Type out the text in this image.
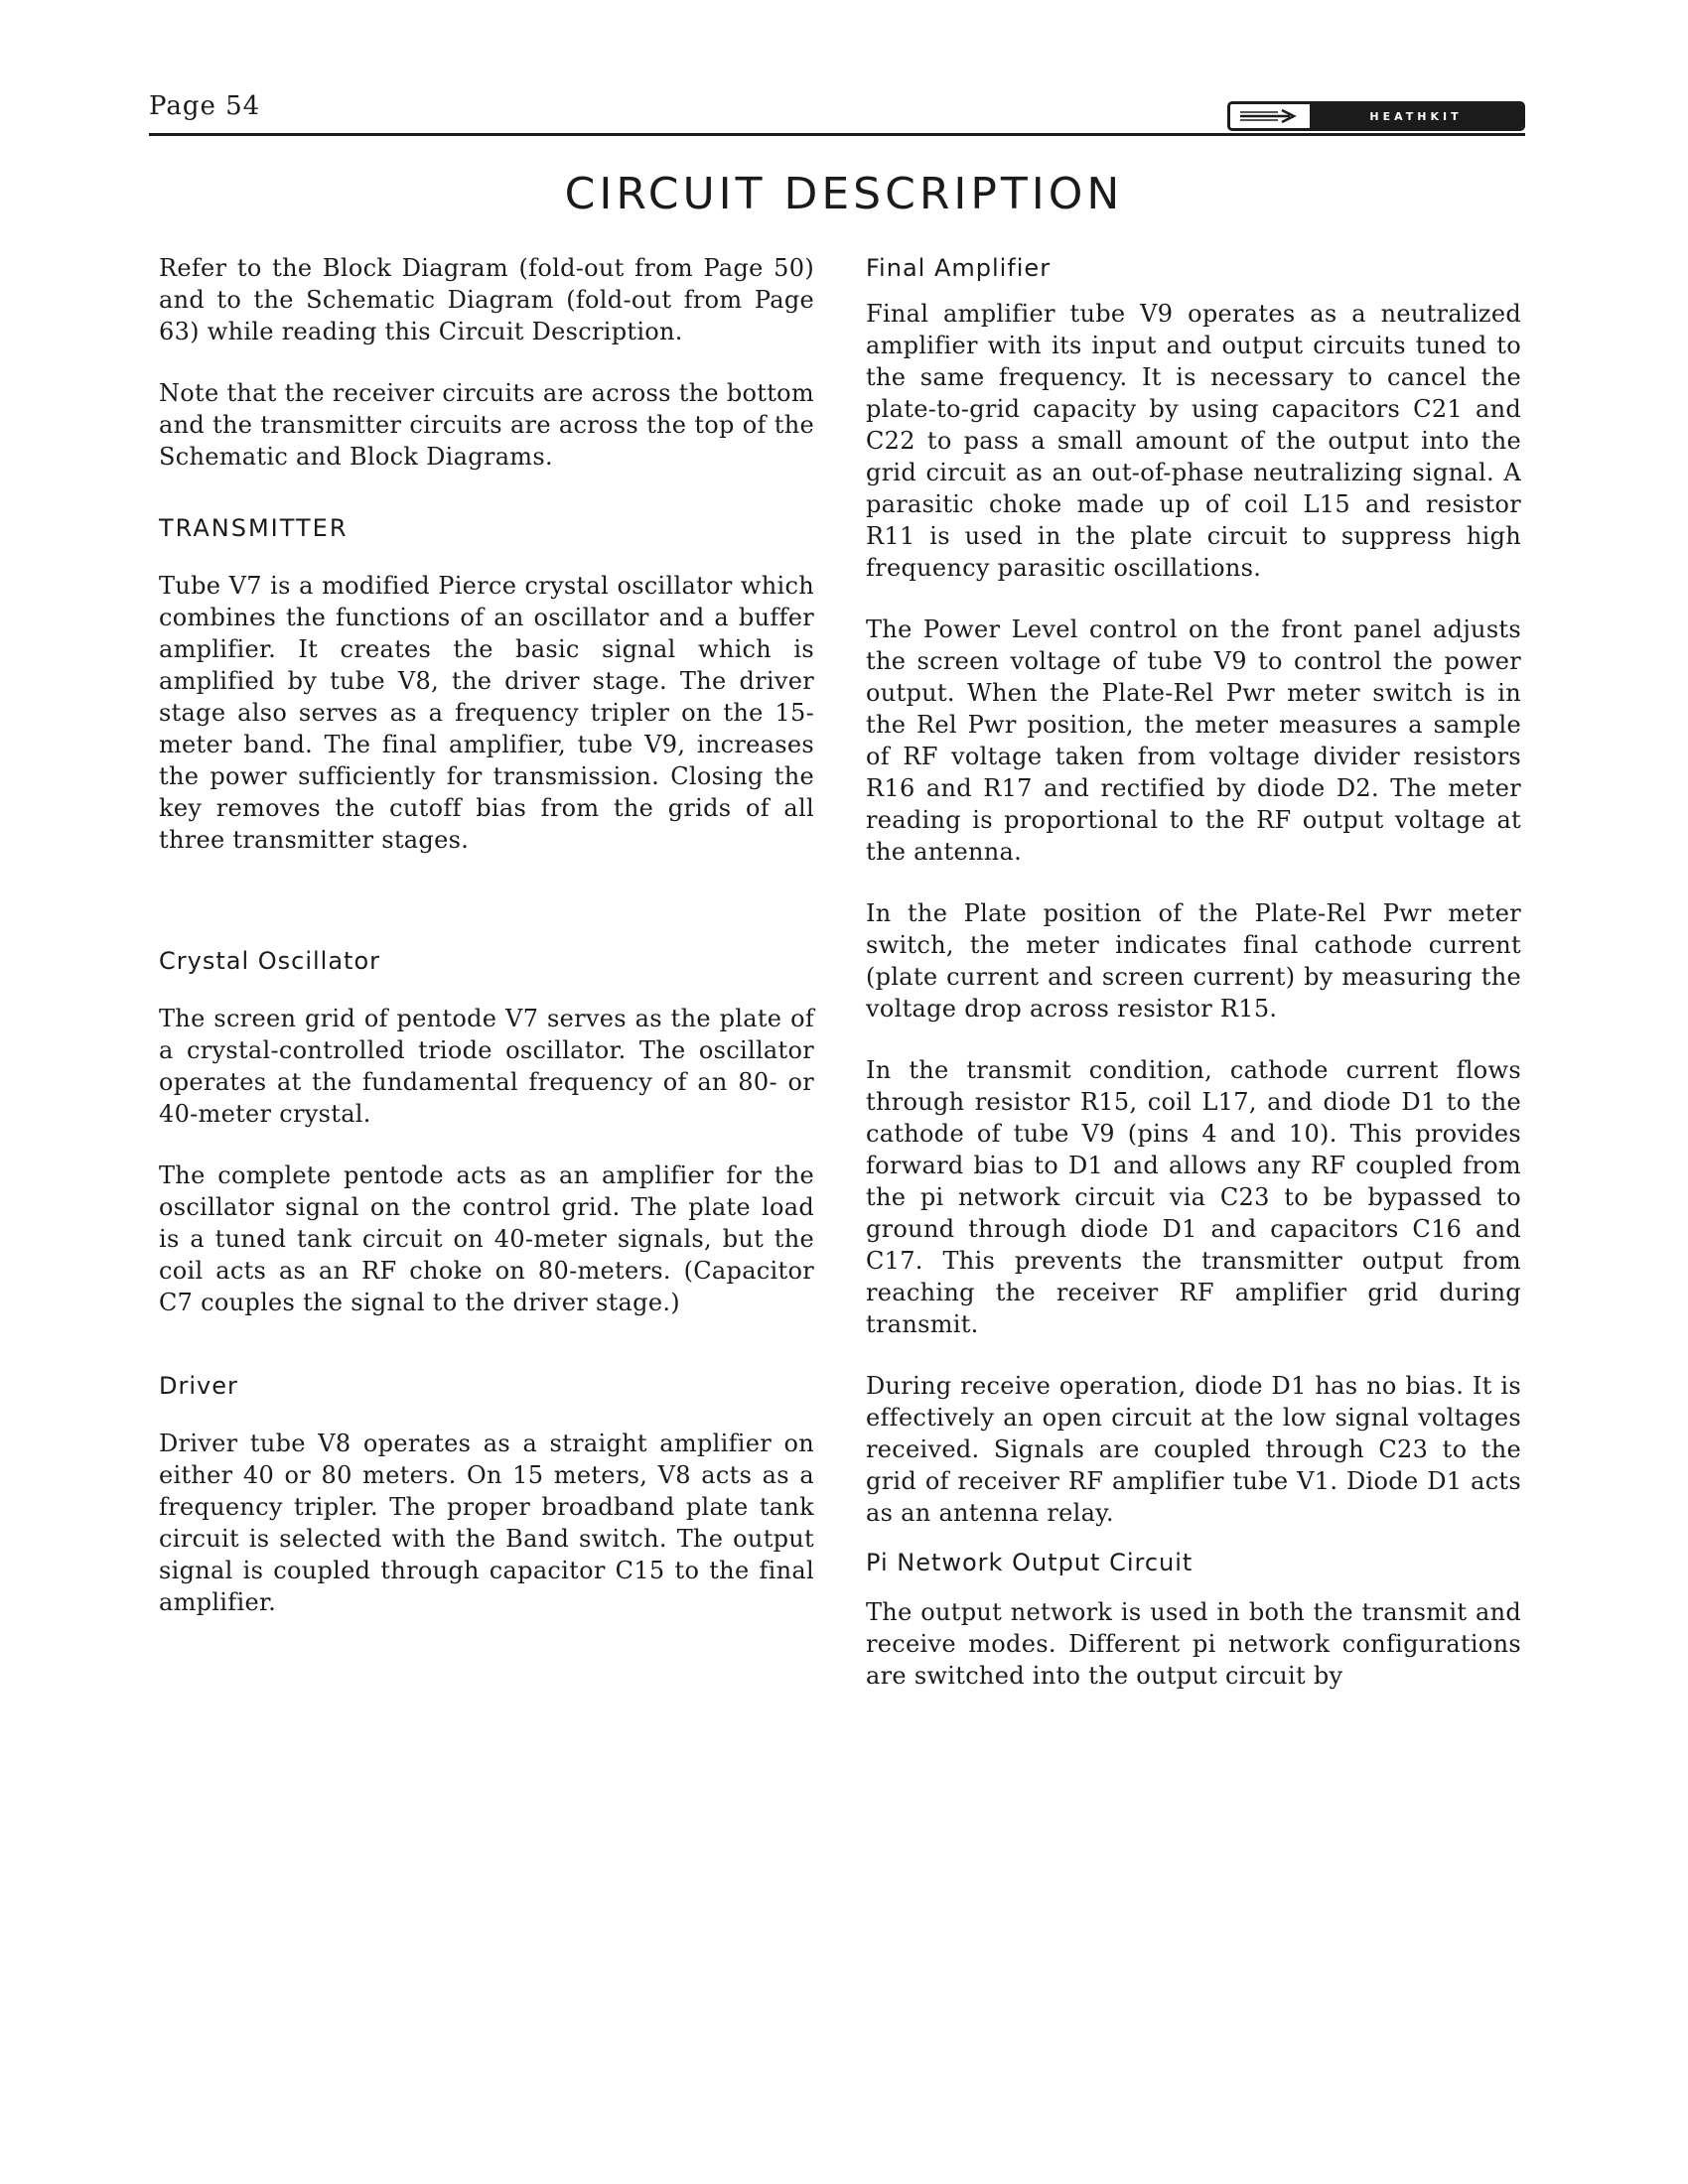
Page 54	HEATHKIT
CIRCUIT DESCRIPTION

Refer to the Block Diagram (fold-out from Page 50) and to the Schematic Diagram (fold-out from Page 63) while reading this Circuit Description.

Note that the receiver circuits are across the bottom and the transmitter circuits are across the top of the Schematic and Block Diagrams.

TRANSMITTER

Tube V7 is a modified Pierce crystal oscillator which combines the functions of an oscillator and a buffer amplifier. It creates the basic signal which is amplified by tube V8, the driver stage. The driver stage also serves as a frequency tripler on the 15-meter band. The final amplifier, tube V9, increases the power sufficiently for transmission. Closing the key removes the cutoff bias from the grids of all three transmitter stages.

Crystal Oscillator

The screen grid of pentode V7 serves as the plate of a crystal-controlled triode oscillator. The oscillator operates at the fundamental frequency of an 80- or 40-meter crystal.

The complete pentode acts as an amplifier for the oscillator signal on the control grid. The plate load is a tuned tank circuit on 40-meter signals, but the coil acts as an RF choke on 80-meters. (Capacitor C7 couples the signal to the driver stage.)

Driver

Driver tube V8 operates as a straight amplifier on either 40 or 80 meters. On 15 meters, V8 acts as a frequency tripler. The proper broadband plate tank circuit is selected with the Band switch. The output signal is coupled through capacitor C15 to the final amplifier.

Final Amplifier

Final amplifier tube V9 operates as a neutralized amplifier with its input and output circuits tuned to the same frequency. It is necessary to cancel the plate-to-grid capacity by using capacitors C21 and C22 to pass a small amount of the output into the grid circuit as an out-of-phase neutralizing signal. A parasitic choke made up of coil L15 and resistor R11 is used in the plate circuit to suppress high frequency parasitic oscillations.

The Power Level control on the front panel adjusts the screen voltage of tube V9 to control the power output. When the Plate-Rel Pwr meter switch is in the Rel Pwr position, the meter measures a sample of RF voltage taken from voltage divider resistors R16 and R17 and rectified by diode D2. The meter reading is proportional to the RF output voltage at the antenna.

In the Plate position of the Plate-Rel Pwr meter switch, the meter indicates final cathode current (plate current and screen current) by measuring the voltage drop across resistor R15.

In the transmit condition, cathode current flows through resistor R15, coil L17, and diode D1 to the cathode of tube V9 (pins 4 and 10). This provides forward bias to D1 and allows any RF coupled from the pi network circuit via C23 to be bypassed to ground through diode D1 and capacitors C16 and C17. This prevents the transmitter output from reaching the receiver RF amplifier grid during transmit.

During receive operation, diode D1 has no bias. It is effectively an open circuit at the low signal voltages received. Signals are coupled through C23 to the grid of receiver RF amplifier tube V1. Diode D1 acts as an antenna relay.

Pi Network Output Circuit

The output network is used in both the transmit and receive modes. Different pi network configurations are switched into the output circuit by
